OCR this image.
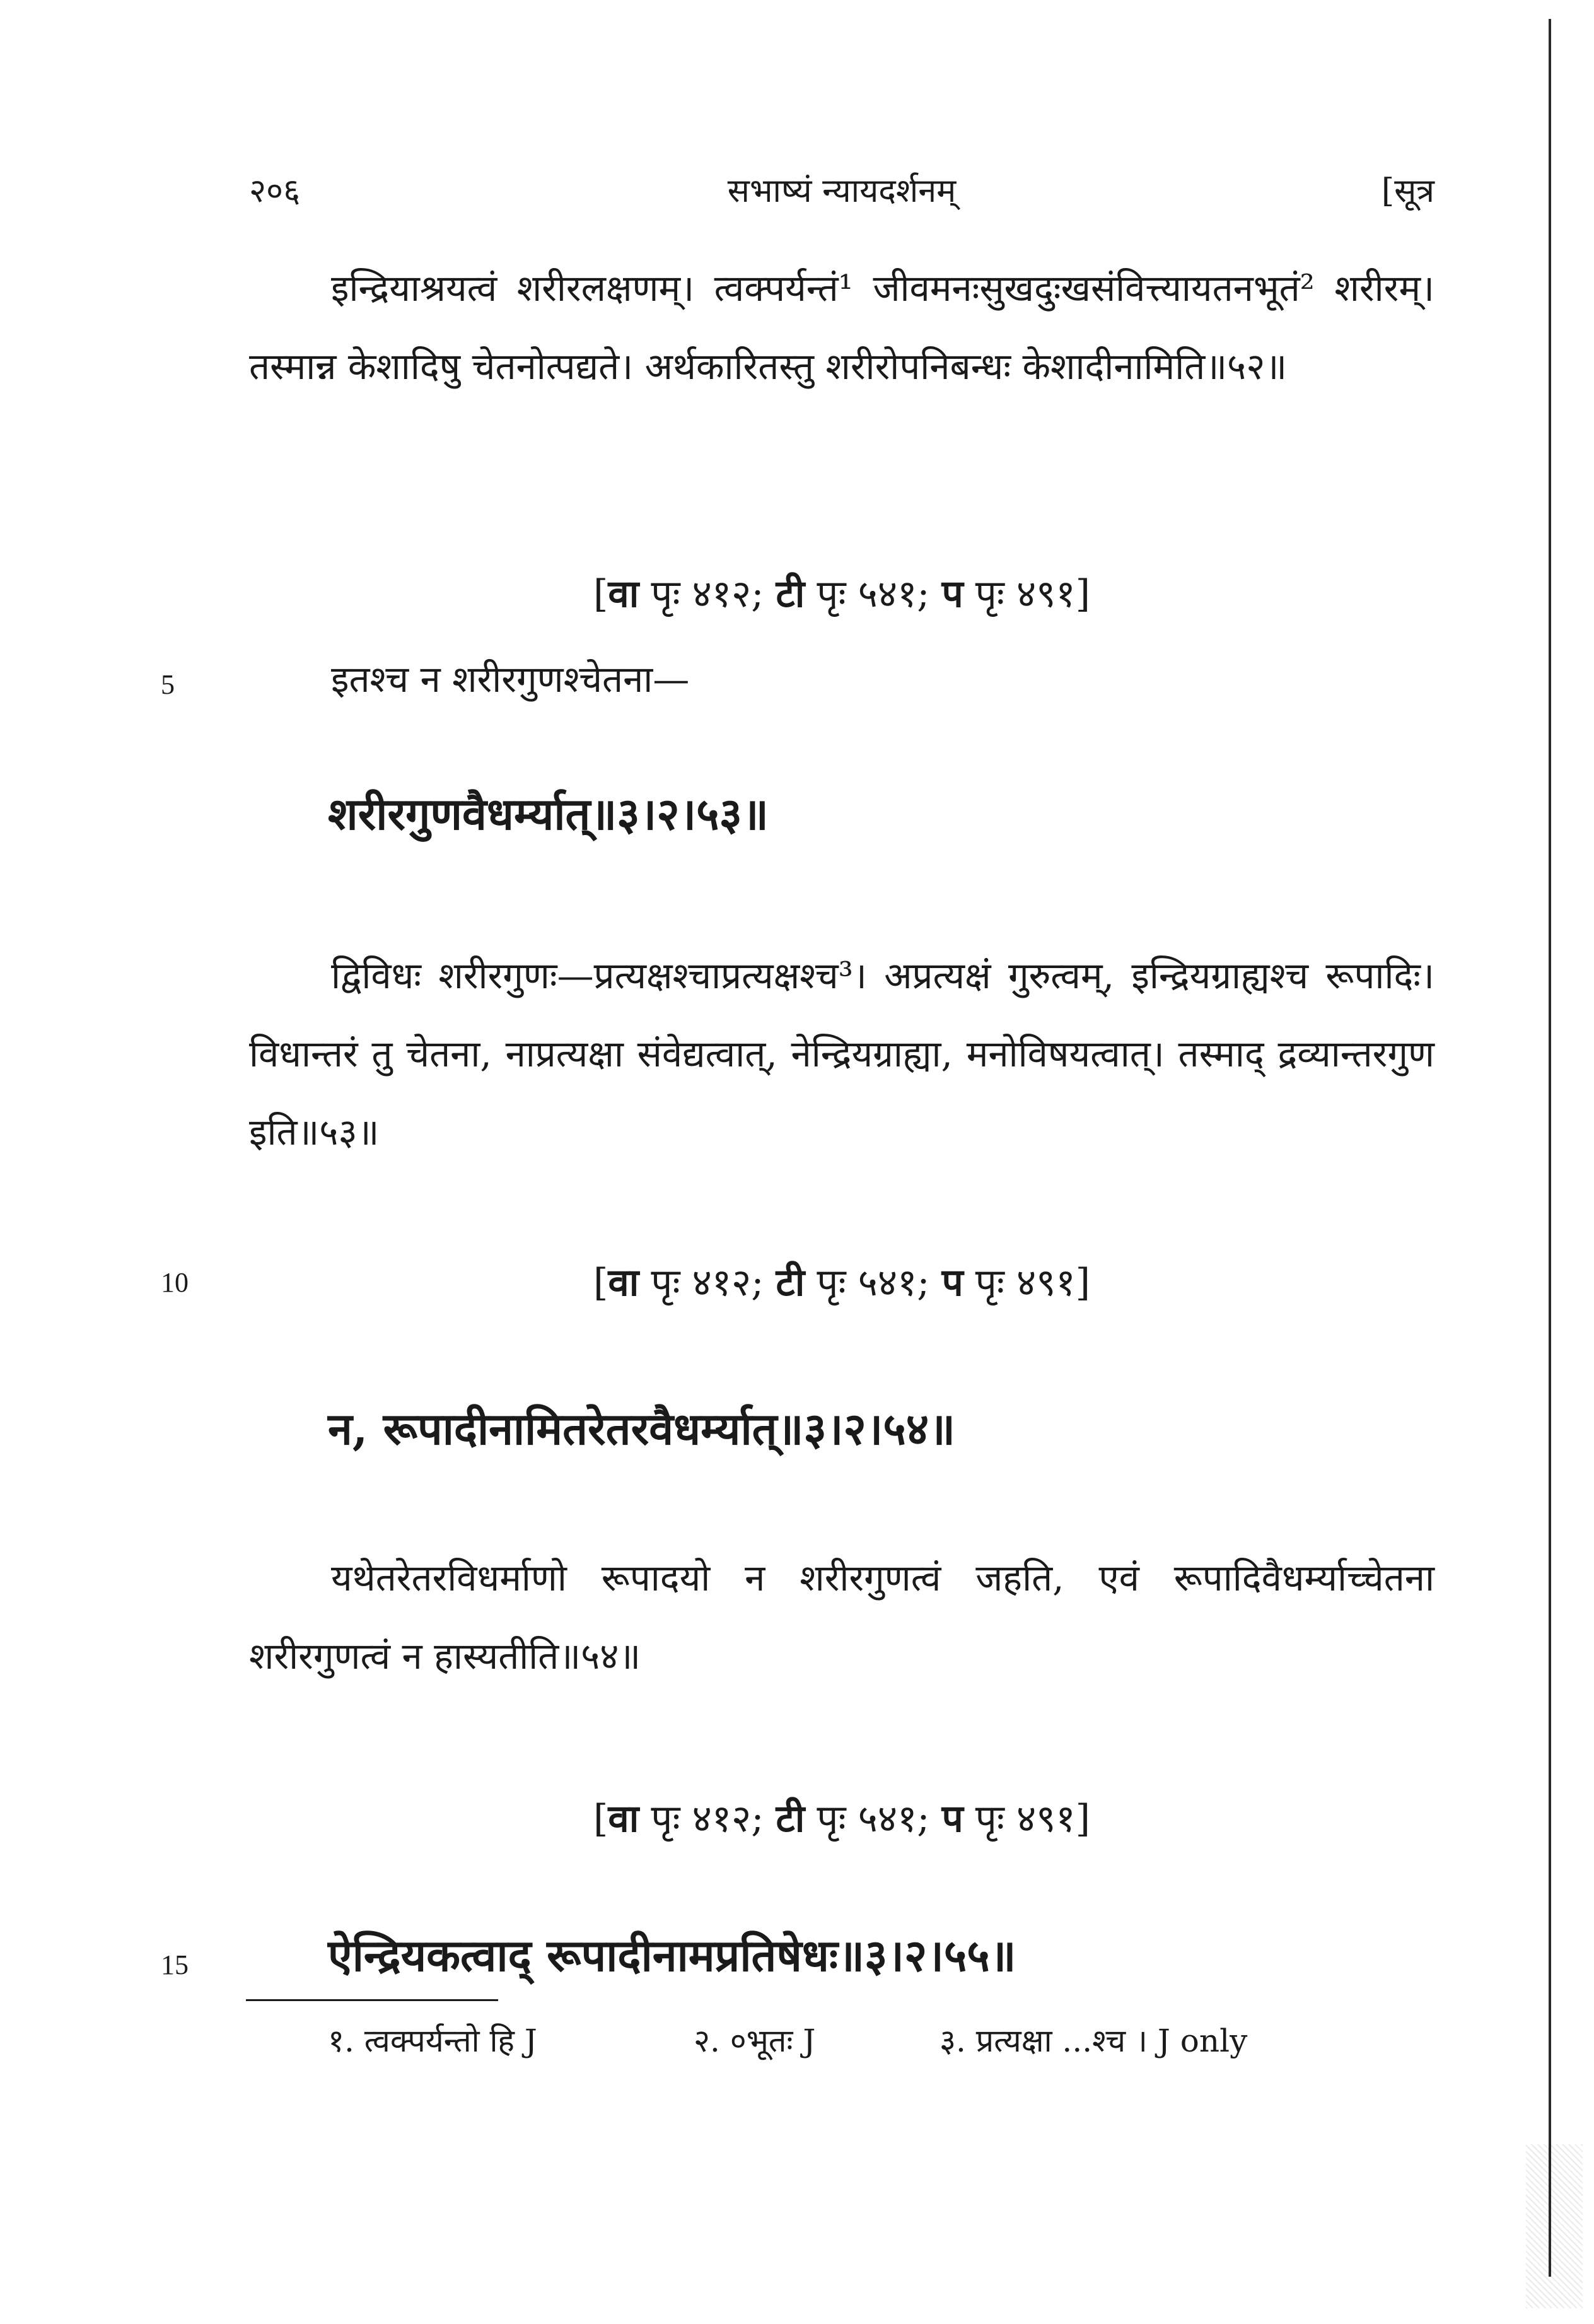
२०६	सभाष्यं न्यायदर्शनम्	[सूत्र
इन्द्रियाश्रयत्वं शरीरलक्षणम्। त्वक्पर्यन्तं¹ जीवमनःसुखदुःखसंवित्त्यायतनभूतं² शरीरम्। तस्मान्न केशादिषु चेतनोत्पद्यते। अर्थकारितस्तु शरीरोपनिबन्धः केशादीनामिति॥५२॥
[वा पृः ४१२; टी पृः ५४१; प पृः ४९१]
5	इतश्च न शरीरगुणश्चेतना—
शरीरगुणवैधर्म्यात्॥३।२।५३॥
द्विविधः शरीरगुणः—प्रत्यक्षश्चाप्रत्यक्षश्च³। अप्रत्यक्षं गुरुत्वम्, इन्द्रियग्राह्यश्च रूपादिः। विधान्तरं तु चेतना, नाप्रत्यक्षा संवेद्यत्वात्, नेन्द्रियग्राह्या, मनोविषयत्वात्। तस्माद् द्रव्यान्तरगुण इति॥५३॥
10	[वा पृः ४१२; टी पृः ५४१; प पृः ४९१]
न, रूपादीनामितरेतरवैधर्म्यात्॥३।२।५४॥
यथेतरेतरविधर्माणो रूपादयो न शरीरगुणत्वं जहति, एवं रूपादिवैधर्म्याच्चेतना शरीरगुणत्वं न हास्यतीति॥५४॥
[वा पृः ४१२; टी पृः ५४१; प पृः ४९१]
१. त्वक्पर्यन्तो हि J	२. ०भूतः J	३. प्रत्यक्षा ...श्च । J only
15	ऐन्द्रियकत्वाद् रूपादीनामप्रतिषेधः॥३।२।५५॥
